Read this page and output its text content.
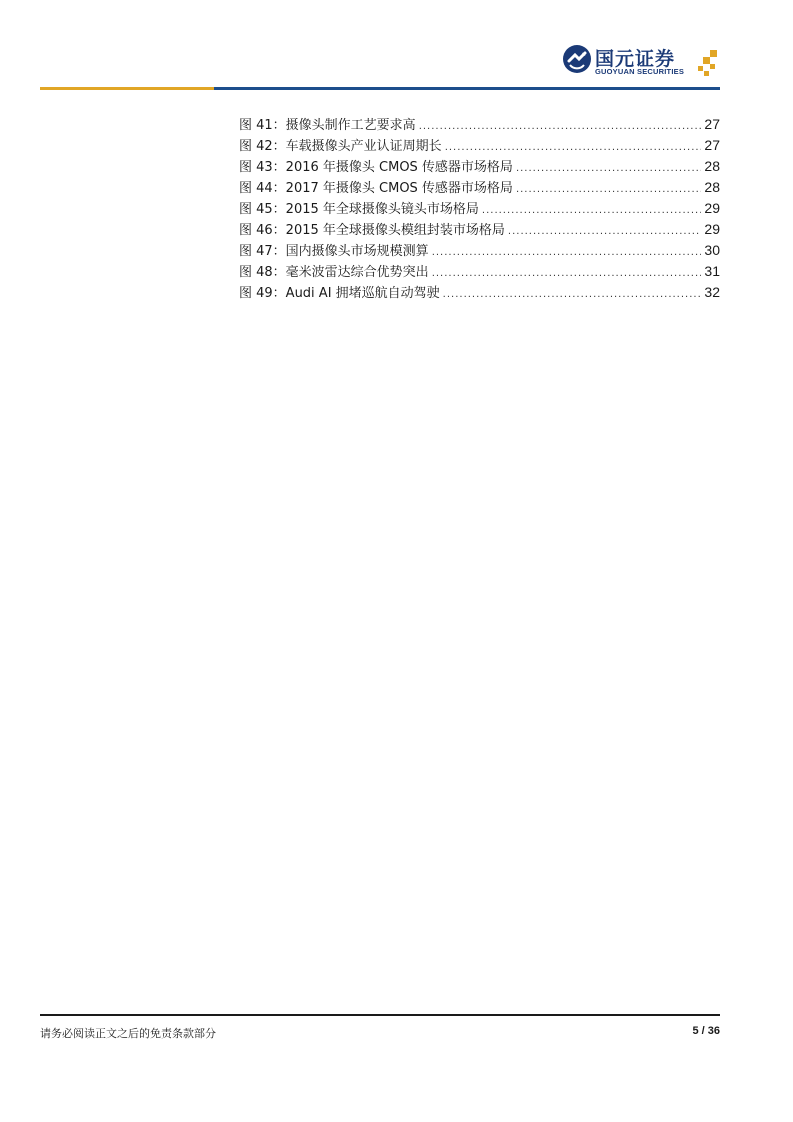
国元证券
GUOYUAN SECURITIES
图 41：摄像头制作工艺要求高 .....	27
图 42：车载摄像头产业认证周期长 .....	27
图 43：2016 年摄像头 CMOS 传感器市场格局 .....	28
图 44：2017 年摄像头 CMOS 传感器市场格局 .....	28
图 45：2015 年全球摄像头镜头市场格局 .....	29
图 46：2015 年全球摄像头模组封装市场格局 .....	29
图 47：国内摄像头市场规模测算 .....	30
图 48：毫米波雷达综合优势突出 .....	31
图 49：Audi AI 拥堵巡航自动驾驶 .....	32
请务必阅读正文之后的免责条款部分	5 / 36
